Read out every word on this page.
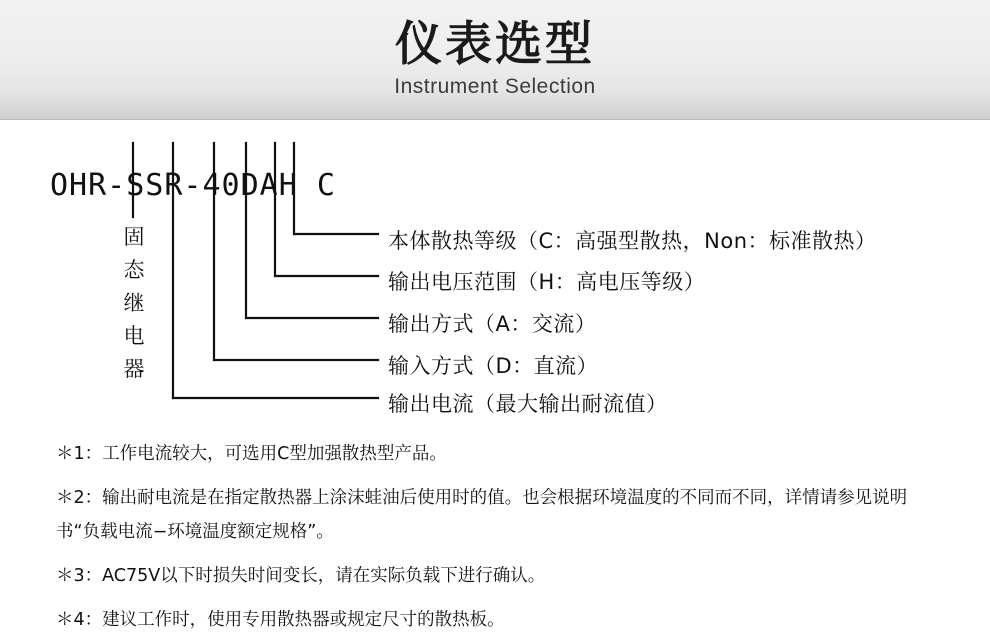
仪表选型

Instrument Selection

OHR-SSR-40DAH C
固
态
继
电
器
本体散热等级（C：高强型散热，Non：标准散热）
输出电压范围（H：高电压等级）
输出方式（A：交流）
输入方式（D：直流）
输出电流（最大输出耐流值）

＊1：工作电流较大，可选用C型加强散热型产品。

＊2：输出耐电流是在指定散热器上涂沫蛙油后使用时的值。也会根据环境温度的不同而不同，详情请参见说明书“负载电流−环境温度额定规格”。

＊3：AC75V以下时损失时间变长，请在实际负载下进行确认。

＊4：建议工作时，使用专用散热器或规定尺寸的散热板。
